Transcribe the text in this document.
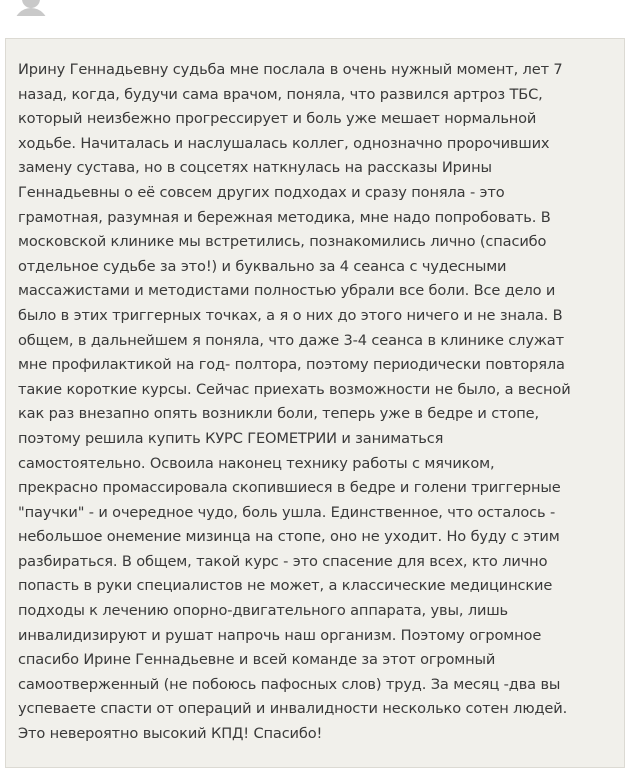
Ирину Геннадьевну судьба мне послала в очень нужный момент, лет 7
назад, когда, будучи сама врачом, поняла, что развился артроз ТБС,
который неизбежно прогрессирует и боль уже мешает нормальной
ходьбе. Начиталась и наслушалась коллег, однозначно пророчивших
замену сустава, но в соцсетях наткнулась на рассказы Ирины
Геннадьевны о её совсем других подходах и сразу поняла - это
грамотная, разумная и бережная методика, мне надо попробовать. В
московской клинике мы встретились, познакомились лично (спасибо
отдельное судьбе за это!) и буквально за 4 сеанса с чудесными
массажистами и методистами полностью убрали все боли. Все дело и
было в этих триггерных точках, а я о них до этого ничего и не знала. В
общем, в дальнейшем я поняла, что даже 3-4 сеанса в клинике служат
мне профилактикой на год- полтора, поэтому периодически повторяла
такие короткие курсы. Сейчас приехать возможности не было, а весной
как раз внезапно опять возникли боли, теперь уже в бедре и стопе,
поэтому решила купить КУРС ГЕОМЕТРИИ и заниматься
самостоятельно. Освоила наконец технику работы с мячиком,
прекрасно промассировала скопившиеся в бедре и голени триггерные
"паучки" - и очередное чудо, боль ушла. Единственное, что осталось -
небольшое онемение мизинца на стопе, оно не уходит. Но буду с этим
разбираться. В общем, такой курс - это спасение для всех, кто лично
попасть в руки специалистов не может, а классические медицинские
подходы к лечению опорно-двигательного аппарата, увы, лишь
инвалидизируют и рушат напрочь наш организм. Поэтому огромное
спасибо Ирине Геннадьевне и всей команде за этот огромный
самоотверженный (не побоюсь пафосных слов) труд. За месяц -два вы
успеваете спасти от операций и инвалидности несколько сотен людей.
Это невероятно высокий КПД! Спасибо!
